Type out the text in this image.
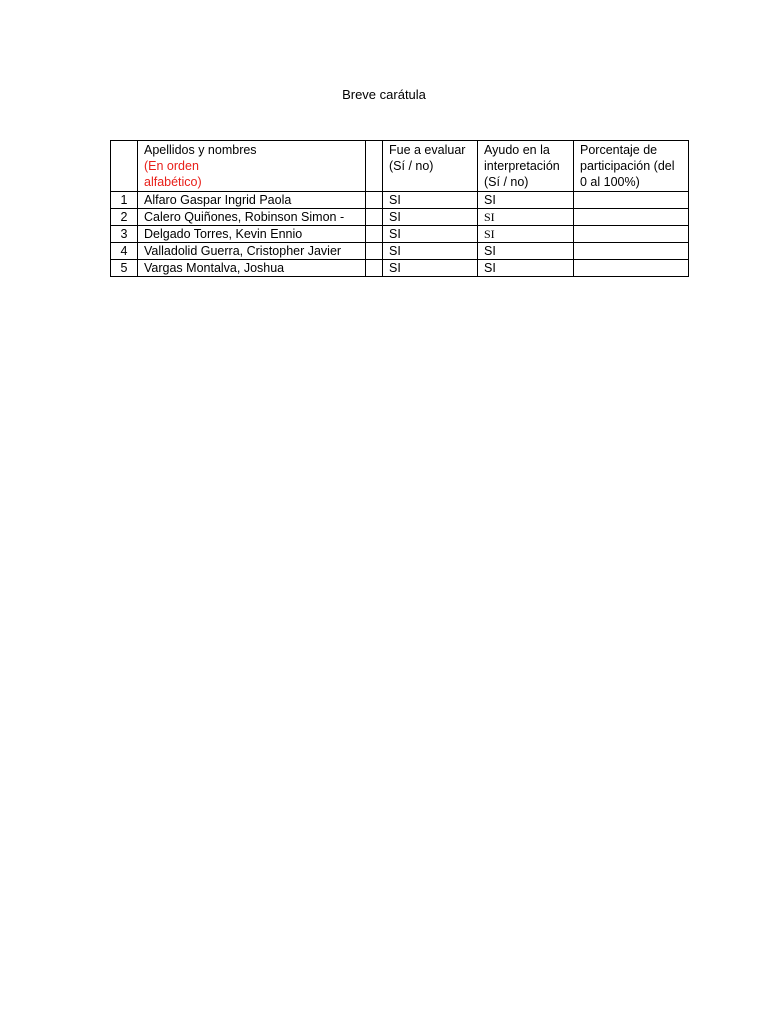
Breve carátula

	Apellidos y nombres
(En orden
alfabético)		Fue a evaluar (Sí / no)	Ayudo en la interpretación (Sí / no)	Porcentaje de participación (del 0 al 100%)
1	Alfaro Gaspar Ingrid Paola		SI	SI	
2	Calero Quiñones, Robinson Simon -		SI	SI	
3	Delgado Torres, Kevin Ennio		SI	SI	
4	Valladolid Guerra, Cristopher Javier		SI	SI	
5	Vargas Montalva, Joshua		SI	SI	
